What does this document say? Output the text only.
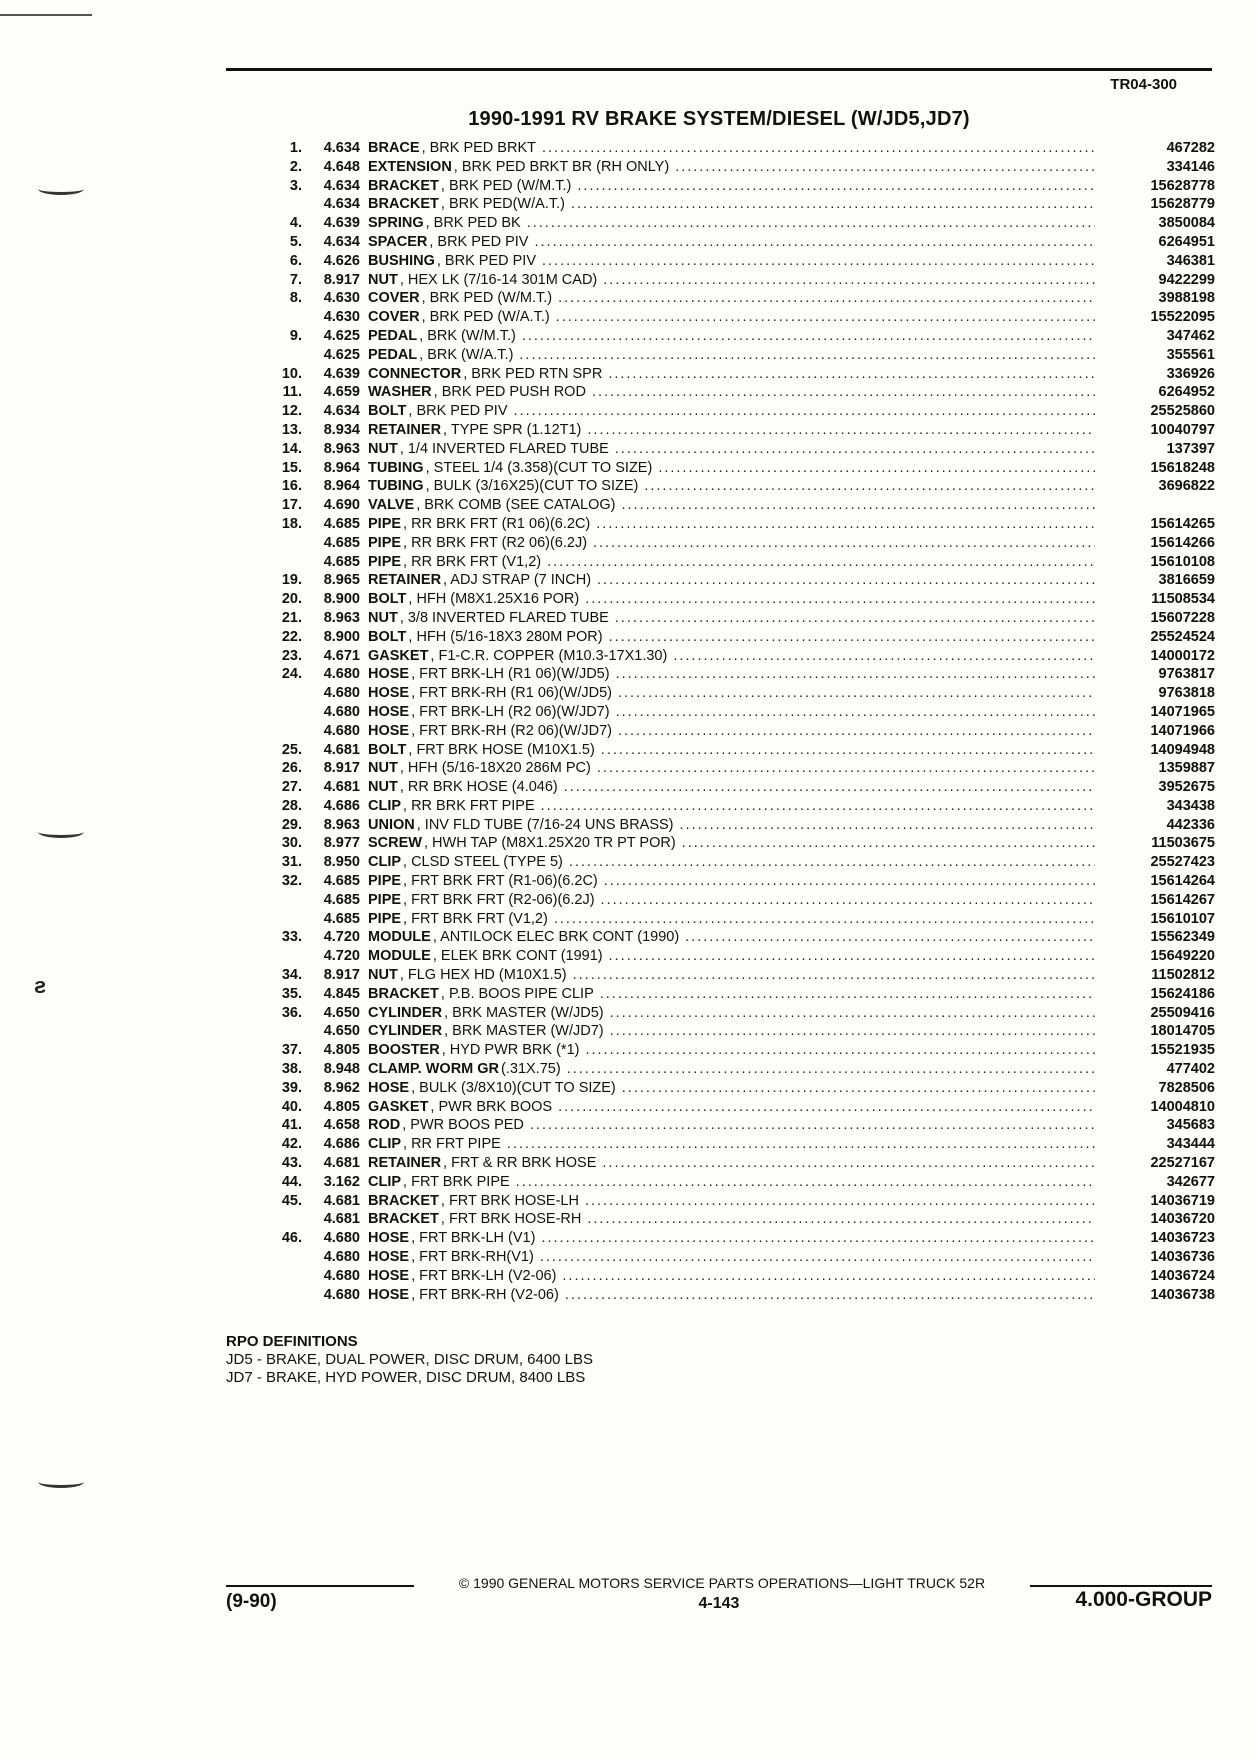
ƨ
TR04-300
1990-1991 RV BRAKE SYSTEM/DIESEL (W/JD5,JD7)
1.	4.634 BRACE , BRK PED BRKT .....	467282
2.	4.648 EXTENSION , BRK PED BRKT BR (RH ONLY) .....	334146
3.	4.634 BRACKET , BRK PED (W/M.T.) .....	15628778
4.634 BRACKET , BRK PED(W/A.T.) .....	15628779
4.	4.639 SPRING , BRK PED BK .....	3850084
5.	4.634 SPACER , BRK PED PIV .....	6264951
6.	4.626 BUSHING , BRK PED PIV .....	346381
7.	8.917 NUT , HEX LK (7/16-14 301M CAD) .....	9422299
8.	4.630 COVER , BRK PED (W/M.T.) .....	3988198
4.630 COVER , BRK PED (W/A.T.) .....	15522095
9.	4.625 PEDAL , BRK (W/M.T.) .....	347462
4.625 PEDAL , BRK (W/A.T.) .....	355561
10.	4.639 CONNECTOR , BRK PED RTN SPR .....	336926
11.	4.659 WASHER , BRK PED PUSH ROD .....	6264952
12.	4.634 BOLT , BRK PED PIV .....	25525860
13.	8.934 RETAINER , TYPE SPR (1.12T1) .....	10040797
14.	8.963 NUT , 1/4 INVERTED FLARED TUBE .....	137397
15.	8.964 TUBING , STEEL 1/4 (3.358)(CUT TO SIZE) .....	15618248
16.	8.964 TUBING , BULK (3/16X25)(CUT TO SIZE) .....	3696822
17.	4.690 VALVE , BRK COMB (SEE CATALOG)
.....
18.	4.685 PIPE , RR BRK FRT (R1 06)(6.2C) .....	15614265
4.685 PIPE , RR BRK FRT (R2 06)(6.2J) .....	15614266
4.685 PIPE , RR BRK FRT (V1,2) .....	15610108
19.	8.965 RETAINER , ADJ STRAP (7 INCH) .....	3816659
20.	8.900 BOLT , HFH (M8X1.25X16 POR) .....	11508534
21.	8.963 NUT , 3/8 INVERTED FLARED TUBE .....	15607228
22.	8.900 BOLT , HFH (5/16-18X3 280M POR) .....	25524524
23.	4.671 GASKET , F1-C.R. COPPER (M10.3-17X1.30) .....	14000172
24.	4.680 HOSE , FRT BRK-LH (R1 06)(W/JD5) .....	9763817
4.680 HOSE , FRT BRK-RH (R1 06)(W/JD5) .....	9763818
4.680 HOSE , FRT BRK-LH (R2 06)(W/JD7) .....	14071965
4.680 HOSE , FRT BRK-RH (R2 06)(W/JD7) .....	14071966
25.	4.681 BOLT , FRT BRK HOSE (M10X1.5) .....	14094948
26.	8.917 NUT , HFH (5/16-18X20 286M PC) .....	1359887
27.	4.681 NUT , RR BRK HOSE (4.046) .....	3952675
28.	4.686 CLIP , RR BRK FRT PIPE .....	343438
29.	8.963 UNION , INV FLD TUBE (7/16-24 UNS BRASS) .....	442336
30.	8.977 SCREW , HWH TAP (M8X1.25X20 TR PT POR) .....	11503675
31.	8.950 CLIP , CLSD STEEL (TYPE 5) .....	25527423
32.	4.685 PIPE , FRT BRK FRT (R1-06)(6.2C) .....	15614264
4.685 PIPE , FRT BRK FRT (R2-06)(6.2J) .....	15614267
4.685 PIPE , FRT BRK FRT (V1,2) .....	15610107
33.	4.720 MODULE , ANTILOCK ELEC BRK CONT (1990) .....	15562349
4.720 MODULE , ELEK BRK CONT (1991) .....	15649220
34.	8.917 NUT , FLG HEX HD (M10X1.5) .....	11502812
35.	4.845 BRACKET , P.B. BOOS PIPE CLIP .....	15624186
36.	4.650 CYLINDER , BRK MASTER (W/JD5) .....	25509416
4.650 CYLINDER , BRK MASTER (W/JD7) .....	18014705
37.	4.805 BOOSTER , HYD PWR BRK (*1) .....	15521935
38.	8.948 CLAMP. WORM GR (.31X.75) .....	477402
39.	8.962 HOSE , BULK (3/8X10)(CUT TO SIZE) .....	7828506
40.	4.805 GASKET , PWR BRK BOOS .....	14004810
41.	4.658 ROD , PWR BOOS PED .....	345683
42.	4.686 CLIP , RR FRT PIPE .....	343444
43.	4.681 RETAINER , FRT & RR BRK HOSE .....	22527167
44.	3.162 CLIP , FRT BRK PIPE .....	342677
45.	4.681 BRACKET , FRT BRK HOSE-LH .....	14036719
4.681 BRACKET , FRT BRK HOSE-RH .....	14036720
46.	4.680 HOSE , FRT BRK-LH (V1) .....	14036723
4.680 HOSE , FRT BRK-RH(V1) .....	14036736
4.680 HOSE , FRT BRK-LH (V2-06) .....	14036724
4.680 HOSE , FRT BRK-RH (V2-06) .....	14036738
RPO DEFINITIONS
JD5 - BRAKE, DUAL POWER, DISC DRUM, 6400 LBS
JD7 - BRAKE, HYD POWER, DISC DRUM, 8400 LBS
© 1990 GENERAL MOTORS SERVICE PARTS OPERATIONS—LIGHT TRUCK 52R
(9-90)	4-143	4.000-GROUP
